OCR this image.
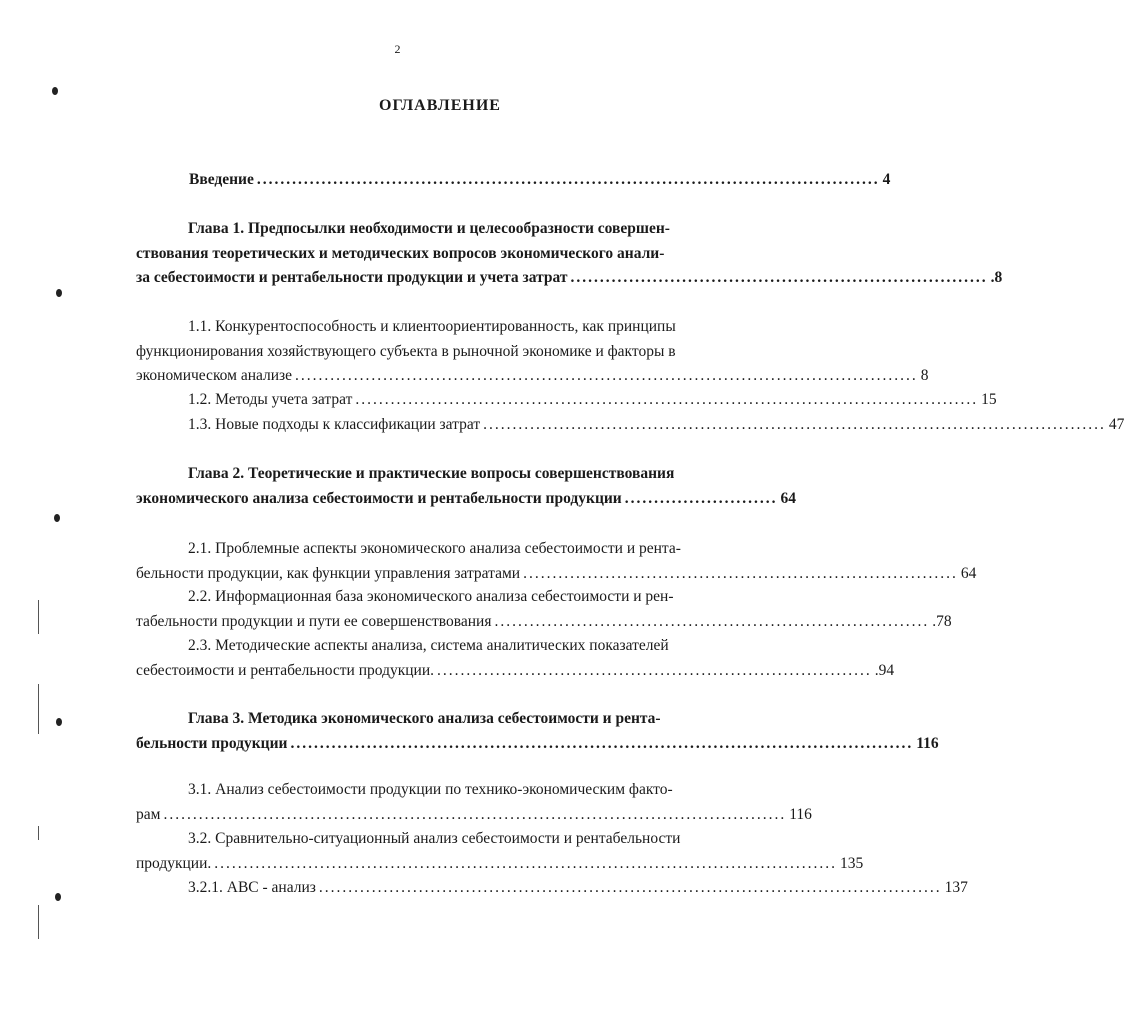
2
ОГЛАВЛЕНИЕ
Введение .......................................................................................................... 4
Глава 1. Предпосылки необходимости и целесообразности совершен-
ствования теоретических и методических вопросов экономического анали-
за себестоимости и рентабельности продукции и учета затрат ....................................................................... .8
1.1. Конкурентоспособность и клиентоориентированность, как принципы
функционирования хозяйствующего субъекта в рыночной экономике и факторы в
экономическом анализе .......................................................................................................... 8
1.2. Методы учета затрат .......................................................................................................... 15
1.3. Новые подходы к классификации затрат .......................................................................................................... 47
Глава 2. Теоретические и практические вопросы совершенствования
экономического анализа себестоимости и рентабельности продукции .......................... 64
2.1. Проблемные аспекты экономического анализа себестоимости и рента-
бельности продукции, как функции управления затратами .......................................................................... 64
2.2. Информационная база экономического анализа себестоимости и рен-
табельности продукции и пути ее совершенствования .......................................................................... .78
2.3. Методические аспекты анализа, система аналитических показателей
себестоимости и рентабельности продукции. .......................................................................... .94
Глава 3. Методика экономического анализа себестоимости и рента-
бельности продукции .......................................................................................................... 116
3.1. Анализ себестоимости продукции по технико-экономическим факто-
рам .......................................................................................................... 116
3.2. Сравнительно-ситуационный анализ себестоимости и рентабельности
продукции. .......................................................................................................... 135
3.2.1. АВС - анализ .......................................................................................................... 137
